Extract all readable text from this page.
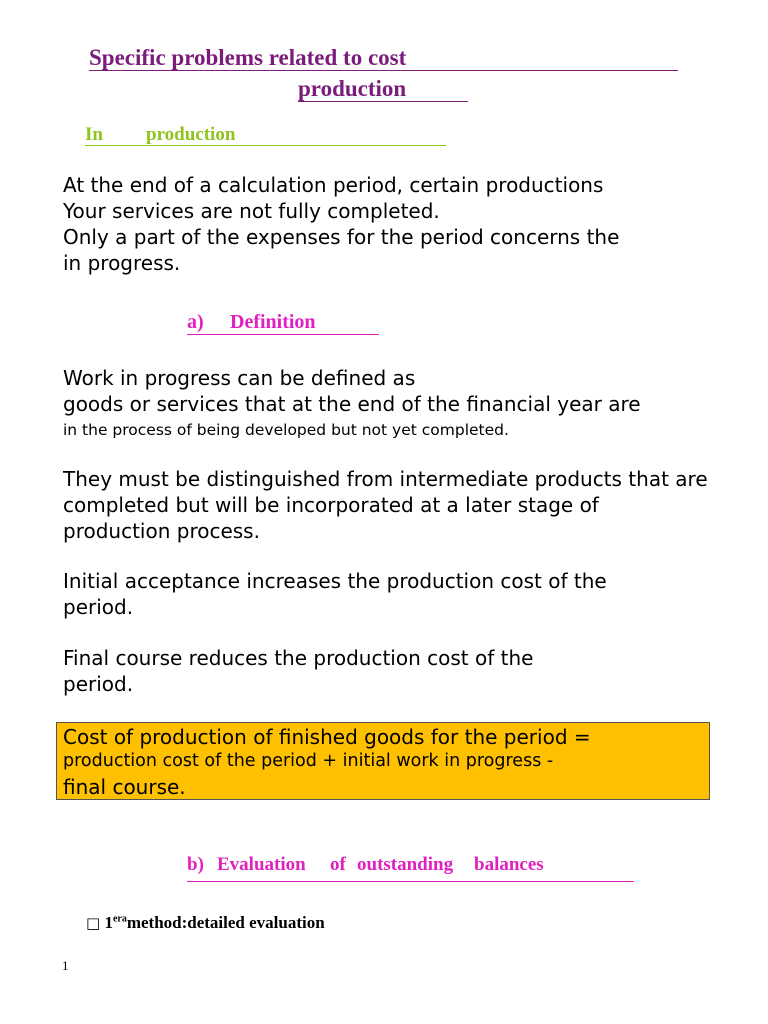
Specific problems related to cost
production
In production
At the end of a calculation period, certain productions
Your services are not fully completed.
Only a part of the expenses for the period concerns the
in progress.
a) Definition
Work in progress can be defined as
goods or services that at the end of the financial year are
in the process of being developed but not yet completed.
They must be distinguished from intermediate products that are
completed but will be incorporated at a later stage of
production process.
Initial acceptance increases the production cost of the
period.
Final course reduces the production cost of the
period.
Cost of production of finished goods for the period =
production cost of the period + initial work in progress -
final course.
b) Evaluation of outstanding balances
□ $1^{era}method:detailed$ evaluation
1
